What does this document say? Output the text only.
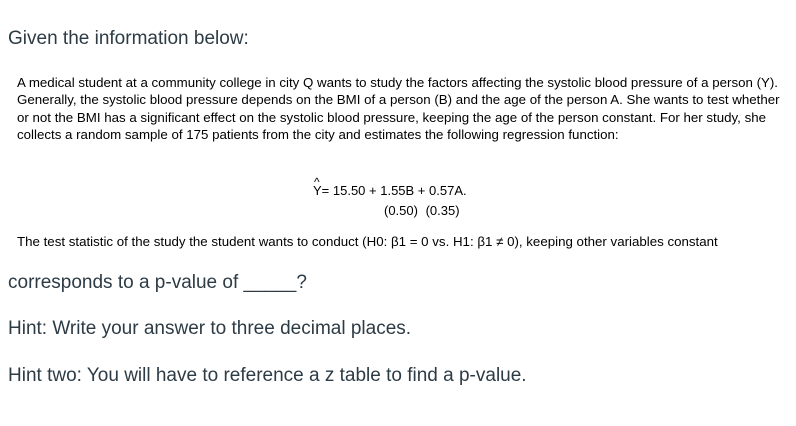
Given the information below:
A medical student at a community college in city Q wants to study the factors affecting the systolic blood pressure of a person (Y). Generally, the systolic blood pressure depends on the BMI of a person (B) and the age of the person A. She wants to test whether or not the BMI has a significant effect on the systolic blood pressure, keeping the age of the person constant. For her study, she collects a random sample of 175 patients from the city and estimates the following regression function:
^ Y= 15.50 + 1.55B + 0.57A.
(0.50) (0.35)
The test statistic of the study the student wants to conduct (H0: β1 = 0 vs. H1: β1 ≠ 0), keeping other variables constant
corresponds to a p-value of _____?
Hint: Write your answer to three decimal places.
Hint two: You will have to reference a z table to find a p-value.
